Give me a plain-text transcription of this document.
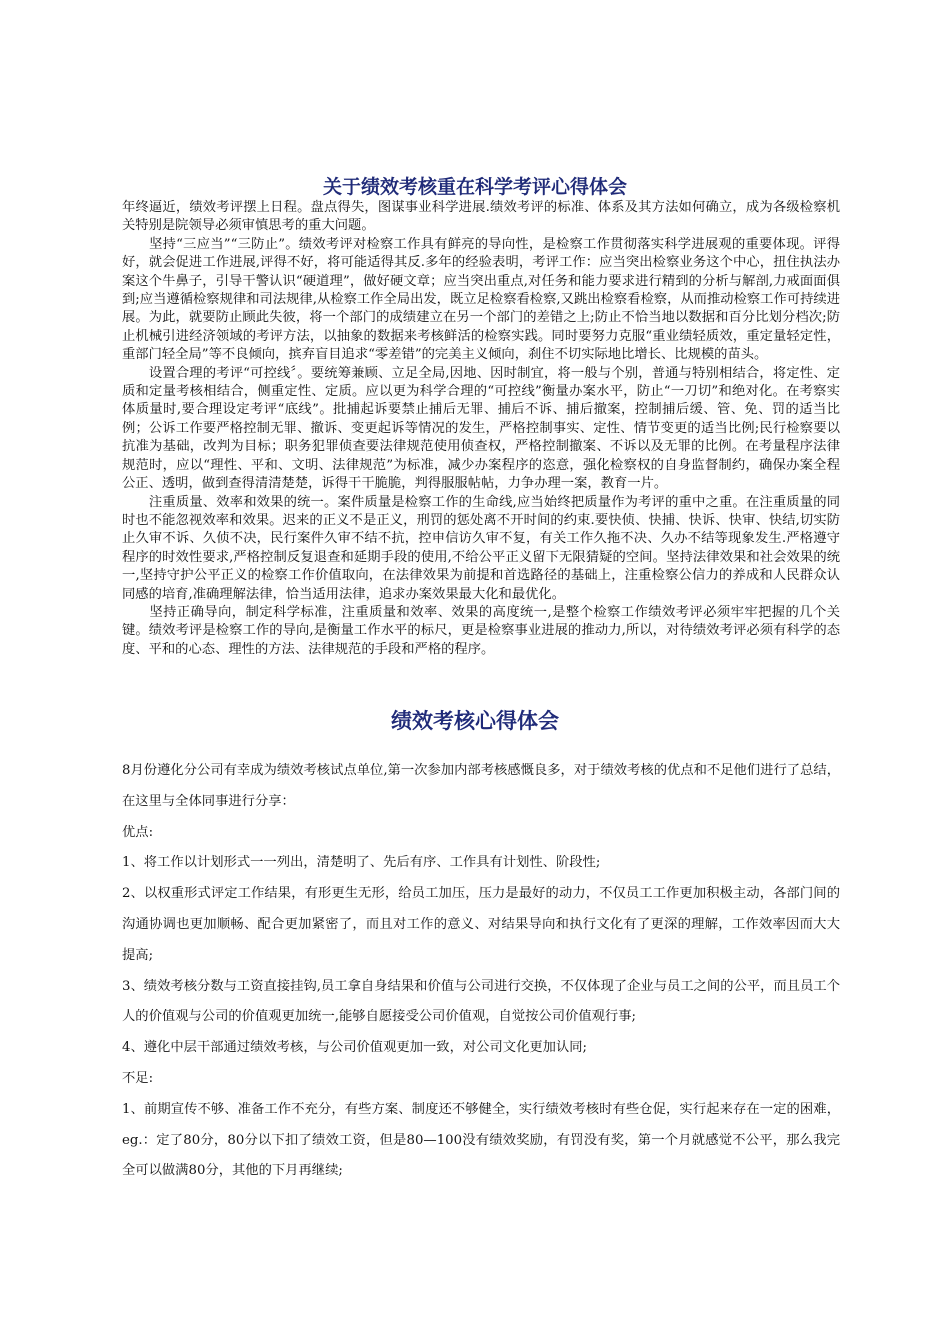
关于绩效考核重在科学考评心得体会

年终逼近，绩效考评摆上日程。盘点得失，图谋事业科学进展.绩效考评的标准、体系及其方法如何确立，成为各级检察机关特别是院领导必须审慎思考的重大问题。

　　坚持“三应当”“三防止”。绩效考评对检察工作具有鲜亮的导向性，是检察工作贯彻落实科学进展观的重要体现。评得好，就会促进工作进展,评得不好，将可能适得其反.多年的经验表明，考评工作：应当突出检察业务这个中心，扭住执法办案这个牛鼻子，引导干警认识“硬道理”，做好硬文章；应当突出重点,对任务和能力要求进行精到的分析与解剖,力戒面面俱到;应当遵循检察规律和司法规律,从检察工作全局出发，既立足检察看检察,又跳出检察看检察，从而推动检察工作可持续进展。为此，就要防止顾此失彼，将一个部门的成绩建立在另一个部门的差错之上;防止不恰当地以数据和百分比划分档次;防止机械引进经济领域的考评方法，以抽象的数据来考核鲜活的检察实践。同时要努力克服“重业绩轻质效，重定量轻定性，重部门轻全局”等不良倾向，摈弃盲目追求“零差错”的完美主义倾向，刹住不切实际地比增长、比规模的苗头。

　　设置合理的考评“可控线〞。要统筹兼顾、立足全局,因地、因时制宜，将一般与个别，普通与特别相结合，将定性、定质和定量考核相结合，侧重定性、定质。应以更为科学合理的“可控线”衡量办案水平，防止“一刀切”和绝对化。在考察实体质量时,要合理设定考评“底线”。批捕起诉要禁止捕后无罪、捕后不诉、捕后撤案，控制捕后缓、管、免、罚的适当比例；公诉工作要严格控制无罪、撤诉、变更起诉等情况的发生，严格控制事实、定性、情节变更的适当比例;民行检察要以抗准为基础，改判为目标；职务犯罪侦查要法律规范使用侦查权，严格控制撤案、不诉以及无罪的比例。在考量程序法律规范时，应以“理性、平和、文明、法律规范”为标准，减少办案程序的恣意，强化检察权的自身监督制约，确保办案全程公正、透明，做到查得清清楚楚，诉得干干脆脆，判得服服帖帖，力争办理一案，教育一片。

　　注重质量、效率和效果的统一。案件质量是检察工作的生命线,应当始终把质量作为考评的重中之重。在注重质量的同时也不能忽视效率和效果。迟来的正义不是正义，刑罚的惩处离不开时间的约束.要快侦、快捕、快诉、快审、快结,切实防止久审不诉、久侦不决，民行案件久审不结不抗，控申信访久审不复，有关工作久拖不决、久办不结等现象发生.严格遵守程序的时效性要求,严格控制反复退查和延期手段的使用,不给公平正义留下无限猜疑的空间。坚持法律效果和社会效果的统一,坚持守护公平正义的检察工作价值取向，在法律效果为前提和首选路径的基础上，注重检察公信力的养成和人民群众认同感的培育,准确理解法律，恰当适用法律，追求办案效果最大化和最优化。

　　坚持正确导向，制定科学标准，注重质量和效率、效果的高度统一,是整个检察工作绩效考评必须牢牢把握的几个关键。绩效考评是检察工作的导向,是衡量工作水平的标尺，更是检察事业进展的推动力,所以，对待绩效考评必须有科学的态度、平和的心态、理性的方法、法律规范的手段和严格的程序。

绩效考核心得体会

8月份遵化分公司有幸成为绩效考核试点单位,第一次参加内部考核感慨良多，对于绩效考核的优点和不足他们进行了总结，在这里与全体同事进行分享：

优点:

1、将工作以计划形式一一列出，清楚明了、先后有序、工作具有计划性、阶段性;

2、以权重形式评定工作结果，有形更生无形，给员工加压，压力是最好的动力，不仅员工工作更加积极主动，各部门间的沟通协调也更加顺畅、配合更加紧密了，而且对工作的意义、对结果导向和执行文化有了更深的理解，工作效率因而大大提高;

3、绩效考核分数与工资直接挂钩,员工拿自身结果和价值与公司进行交换，不仅体现了企业与员工之间的公平，而且员工个人的价值观与公司的价值观更加统一,能够自愿接受公司价值观，自觉按公司价值观行事;

4、遵化中层干部通过绩效考核，与公司价值观更加一致，对公司文化更加认同;

不足:

1、前期宣传不够、准备工作不充分，有些方案、制度还不够健全，实行绩效考核时有些仓促，实行起来存在一定的困难，eg.：定了80分，80分以下扣了绩效工资，但是80—100没有绩效奖励，有罚没有奖，第一个月就感觉不公平，那么我完全可以做满80分，其他的下月再继续;
